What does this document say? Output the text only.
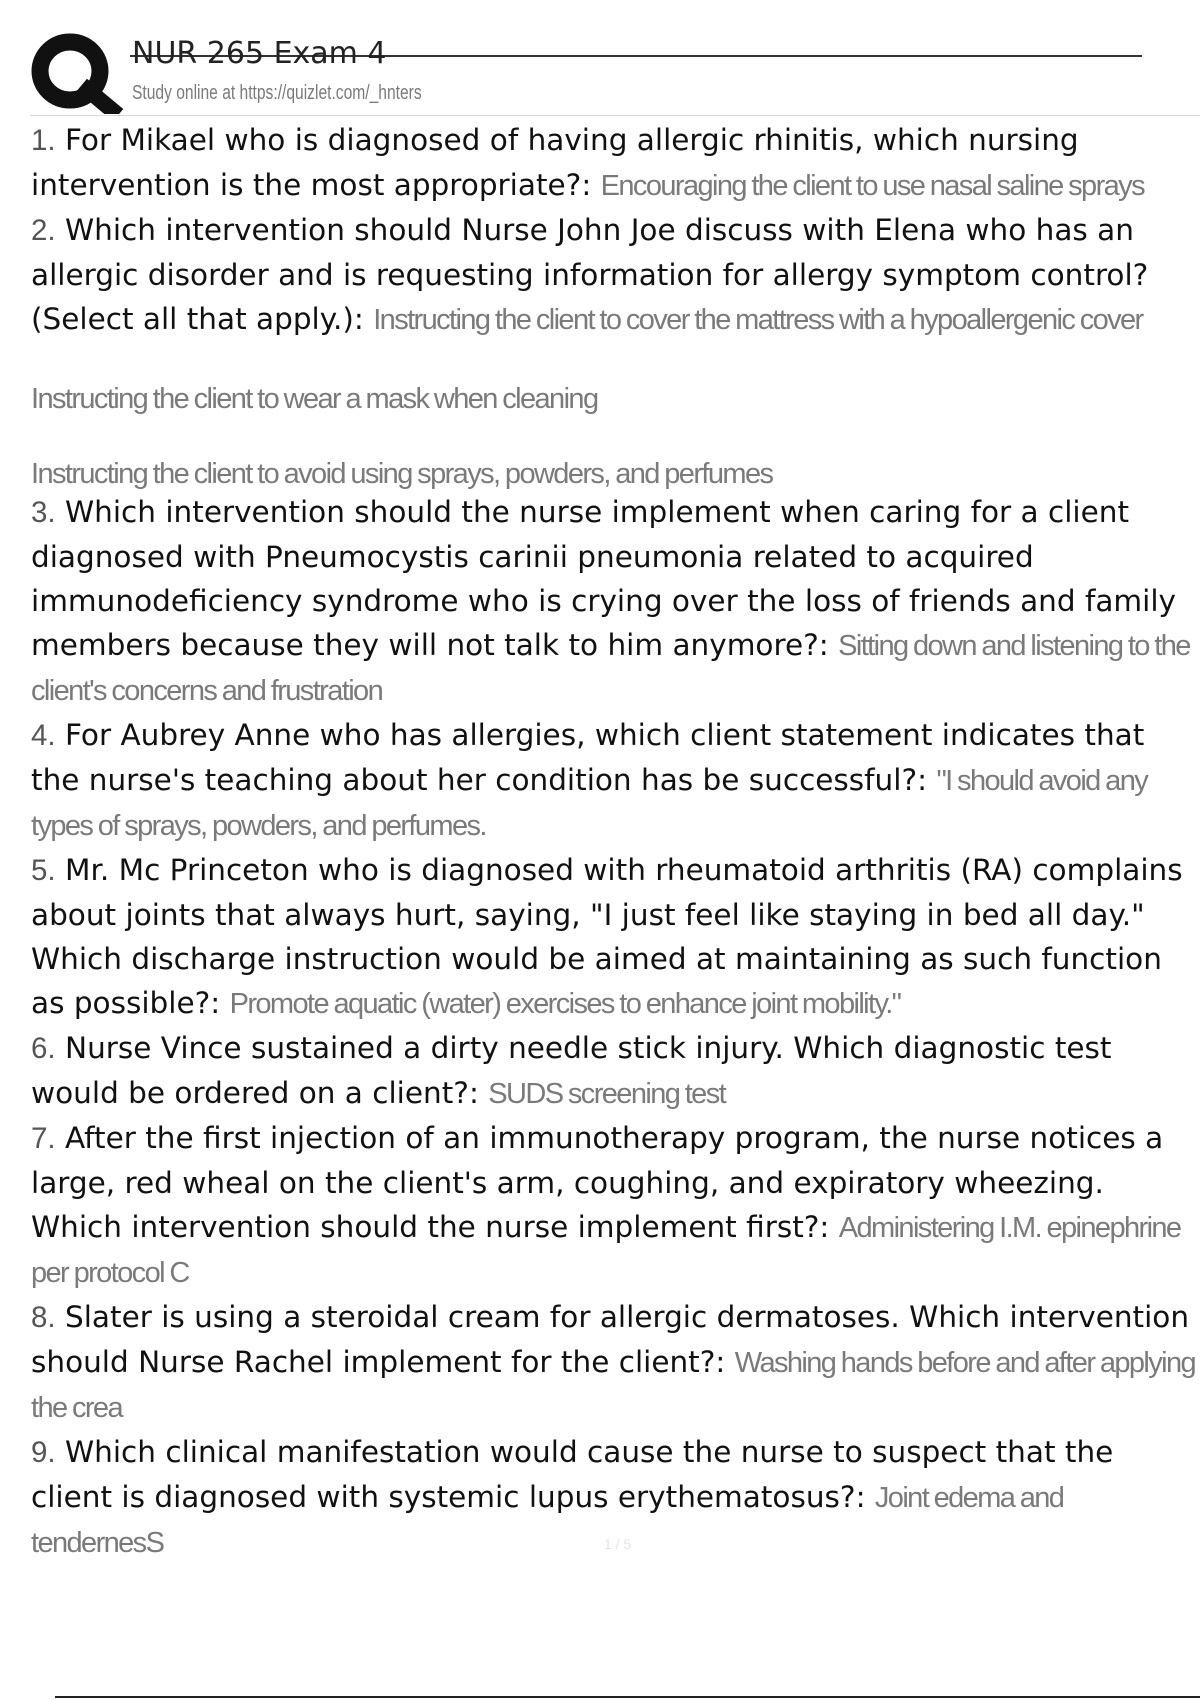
NUR 265 Exam 4
Study online at https://quizlet.com/_hnters
1. For Mikael who is diagnosed of having allergic rhinitis, which nursing intervention is the most appropriate?: Encouraging the client to use nasal saline sprays
2. Which intervention should Nurse John Joe discuss with Elena who has an allergic disorder and is requesting information for allergy symptom control? (Select all that apply.): Instructing the client to cover the mattress with a hypoallergenic cover
Instructing the client to wear a mask when cleaning
Instructing the client to avoid using sprays, powders, and perfumes
3. Which intervention should the nurse implement when caring for a client diagnosed with Pneumocystis carinii pneumonia related to acquired immunodeficiency syndrome who is crying over the loss of friends and family members because they will not talk to him anymore?: Sitting down and listening to the client's concerns and frustration
4. For Aubrey Anne who has allergies, which client statement indicates that the nurse's teaching about her condition has be successful?: "I should avoid any types of sprays, powders, and perfumes.
5. Mr. Mc Princeton who is diagnosed with rheumatoid arthritis (RA) complains about joints that always hurt, saying, "I just feel like staying in bed all day." Which discharge instruction would be aimed at maintaining as such function as possible?: Promote aquatic (water) exercises to enhance joint mobility."
6. Nurse Vince sustained a dirty needle stick injury. Which diagnostic test would be ordered on a client?: SUDS screening test
7. After the first injection of an immunotherapy program, the nurse notices a large, red wheal on the client's arm, coughing, and expiratory wheezing. Which intervention should the nurse implement first?: Administering I.M. epinephrine per protocol C
8. Slater is using a steroidal cream for allergic dermatoses. Which intervention should Nurse Rachel implement for the client?: Washing hands before and after applying the crea
9. Which clinical manifestation would cause the nurse to suspect that the client is diagnosed with systemic lupus erythematosus?: Joint edema and tendernesS	1 / 5
